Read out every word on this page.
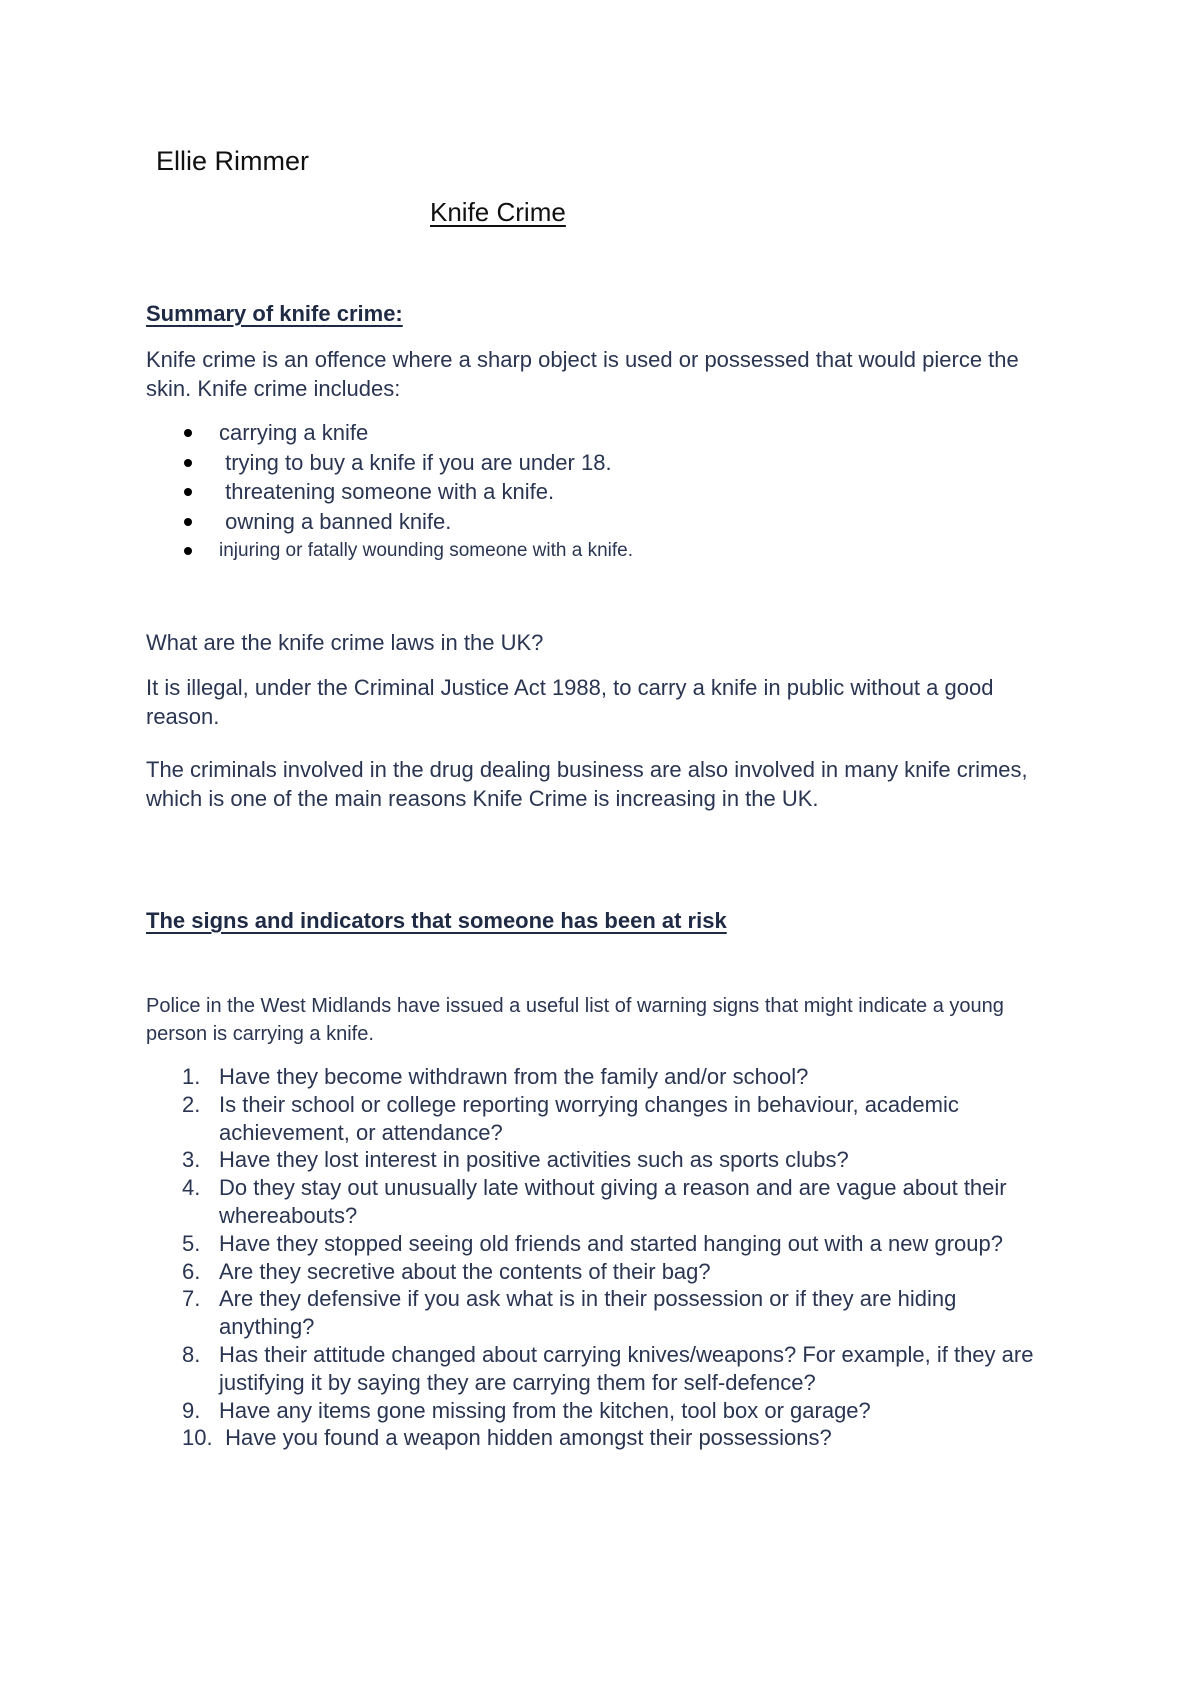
Ellie Rimmer
Knife Crime
Summary of knife crime:
Knife crime is an offence where a sharp object is used or possessed that would pierce the skin. Knife crime includes:
carrying a knife
trying to buy a knife if you are under 18.
threatening someone with a knife.
owning a banned knife.
injuring or fatally wounding someone with a knife.
What are the knife crime laws in the UK?
It is illegal, under the Criminal Justice Act 1988, to carry a knife in public without a good reason.
The criminals involved in the drug dealing business are also involved in many knife crimes, which is one of the main reasons Knife Crime is increasing in the UK.
The signs and indicators that someone has been at risk
Police in the West Midlands have issued a useful list of warning signs that might indicate a young person is carrying a knife.
1. Have they become withdrawn from the family and/or school?
2. Is their school or college reporting worrying changes in behaviour, academic achievement, or attendance?
3. Have they lost interest in positive activities such as sports clubs?
4. Do they stay out unusually late without giving a reason and are vague about their whereabouts?
5. Have they stopped seeing old friends and started hanging out with a new group?
6. Are they secretive about the contents of their bag?
7. Are they defensive if you ask what is in their possession or if they are hiding anything?
8. Has their attitude changed about carrying knives/weapons? For example, if they are justifying it by saying they are carrying them for self-defence?
9. Have any items gone missing from the kitchen, tool box or garage?
10. Have you found a weapon hidden amongst their possessions?
